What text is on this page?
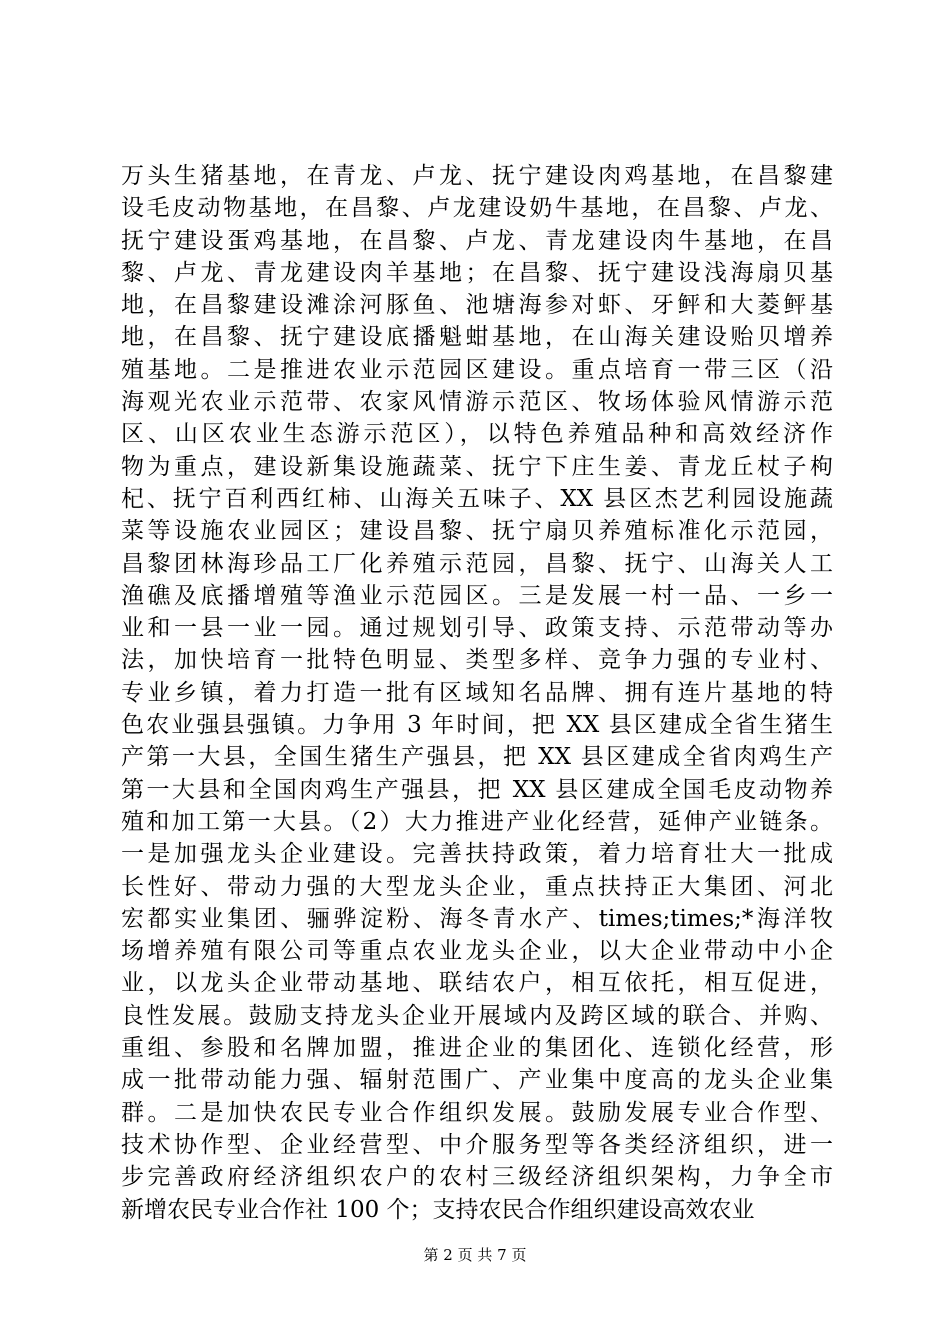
万头生猪基地，在青龙、卢龙、抚宁建设肉鸡基地，在昌黎建
设毛皮动物基地，在昌黎、卢龙建设奶牛基地，在昌黎、卢龙、
抚宁建设蛋鸡基地，在昌黎、卢龙、青龙建设肉牛基地，在昌
黎、卢龙、青龙建设肉羊基地；在昌黎、抚宁建设浅海扇贝基
地，在昌黎建设滩涂河豚鱼、池塘海参对虾、牙鲆和大菱鲆基
地，在昌黎、抚宁建设底播魁蚶基地，在山海关建设贻贝增养
殖基地。二是推进农业示范园区建设。重点培育一带三区（沿
海观光农业示范带、农家风情游示范区、牧场体验风情游示范
区、山区农业生态游示范区），以特色养殖品种和高效经济作
物为重点，建设新集设施蔬菜、抚宁下庄生姜、青龙丘杖子枸
杞、抚宁百利西红柿、山海关五味子、XX 县区杰艺利园设施蔬
菜等设施农业园区；建设昌黎、抚宁扇贝养殖标准化示范园，
昌黎团林海珍品工厂化养殖示范园，昌黎、抚宁、山海关人工
渔礁及底播增殖等渔业示范园区。三是发展一村一品、一乡一
业和一县一业一园。通过规划引导、政策支持、示范带动等办
法，加快培育一批特色明显、类型多样、竞争力强的专业村、
专业乡镇，着力打造一批有区域知名品牌、拥有连片基地的特
色农业强县强镇。力争用 3 年时间，把 XX 县区建成全省生猪生
产第一大县，全国生猪生产强县，把 XX 县区建成全省肉鸡生产
第一大县和全国肉鸡生产强县，把 XX 县区建成全国毛皮动物养
殖和加工第一大县。（2）大力推进产业化经营，延伸产业链条。
一是加强龙头企业建设。完善扶持政策，着力培育壮大一批成
长性好、带动力强的大型龙头企业，重点扶持正大集团、河北
宏都实业集团、骊骅淀粉、海冬青水产、times;times;*海洋牧
场增养殖有限公司等重点农业龙头企业，以大企业带动中小企
业，以龙头企业带动基地、联结农户，相互依托，相互促进，
良性发展。鼓励支持龙头企业开展域内及跨区域的联合、并购、
重组、参股和名牌加盟，推进企业的集团化、连锁化经营，形
成一批带动能力强、辐射范围广、产业集中度高的龙头企业集
群。二是加快农民专业合作组织发展。鼓励发展专业合作型、
技术协作型、企业经营型、中介服务型等各类经济组织，进一
步完善政府经济组织农户的农村三级经济组织架构，力争全市
新增农民专业合作社 100 个；支持农民合作组织建设高效农业
第 2 页 共 7 页
